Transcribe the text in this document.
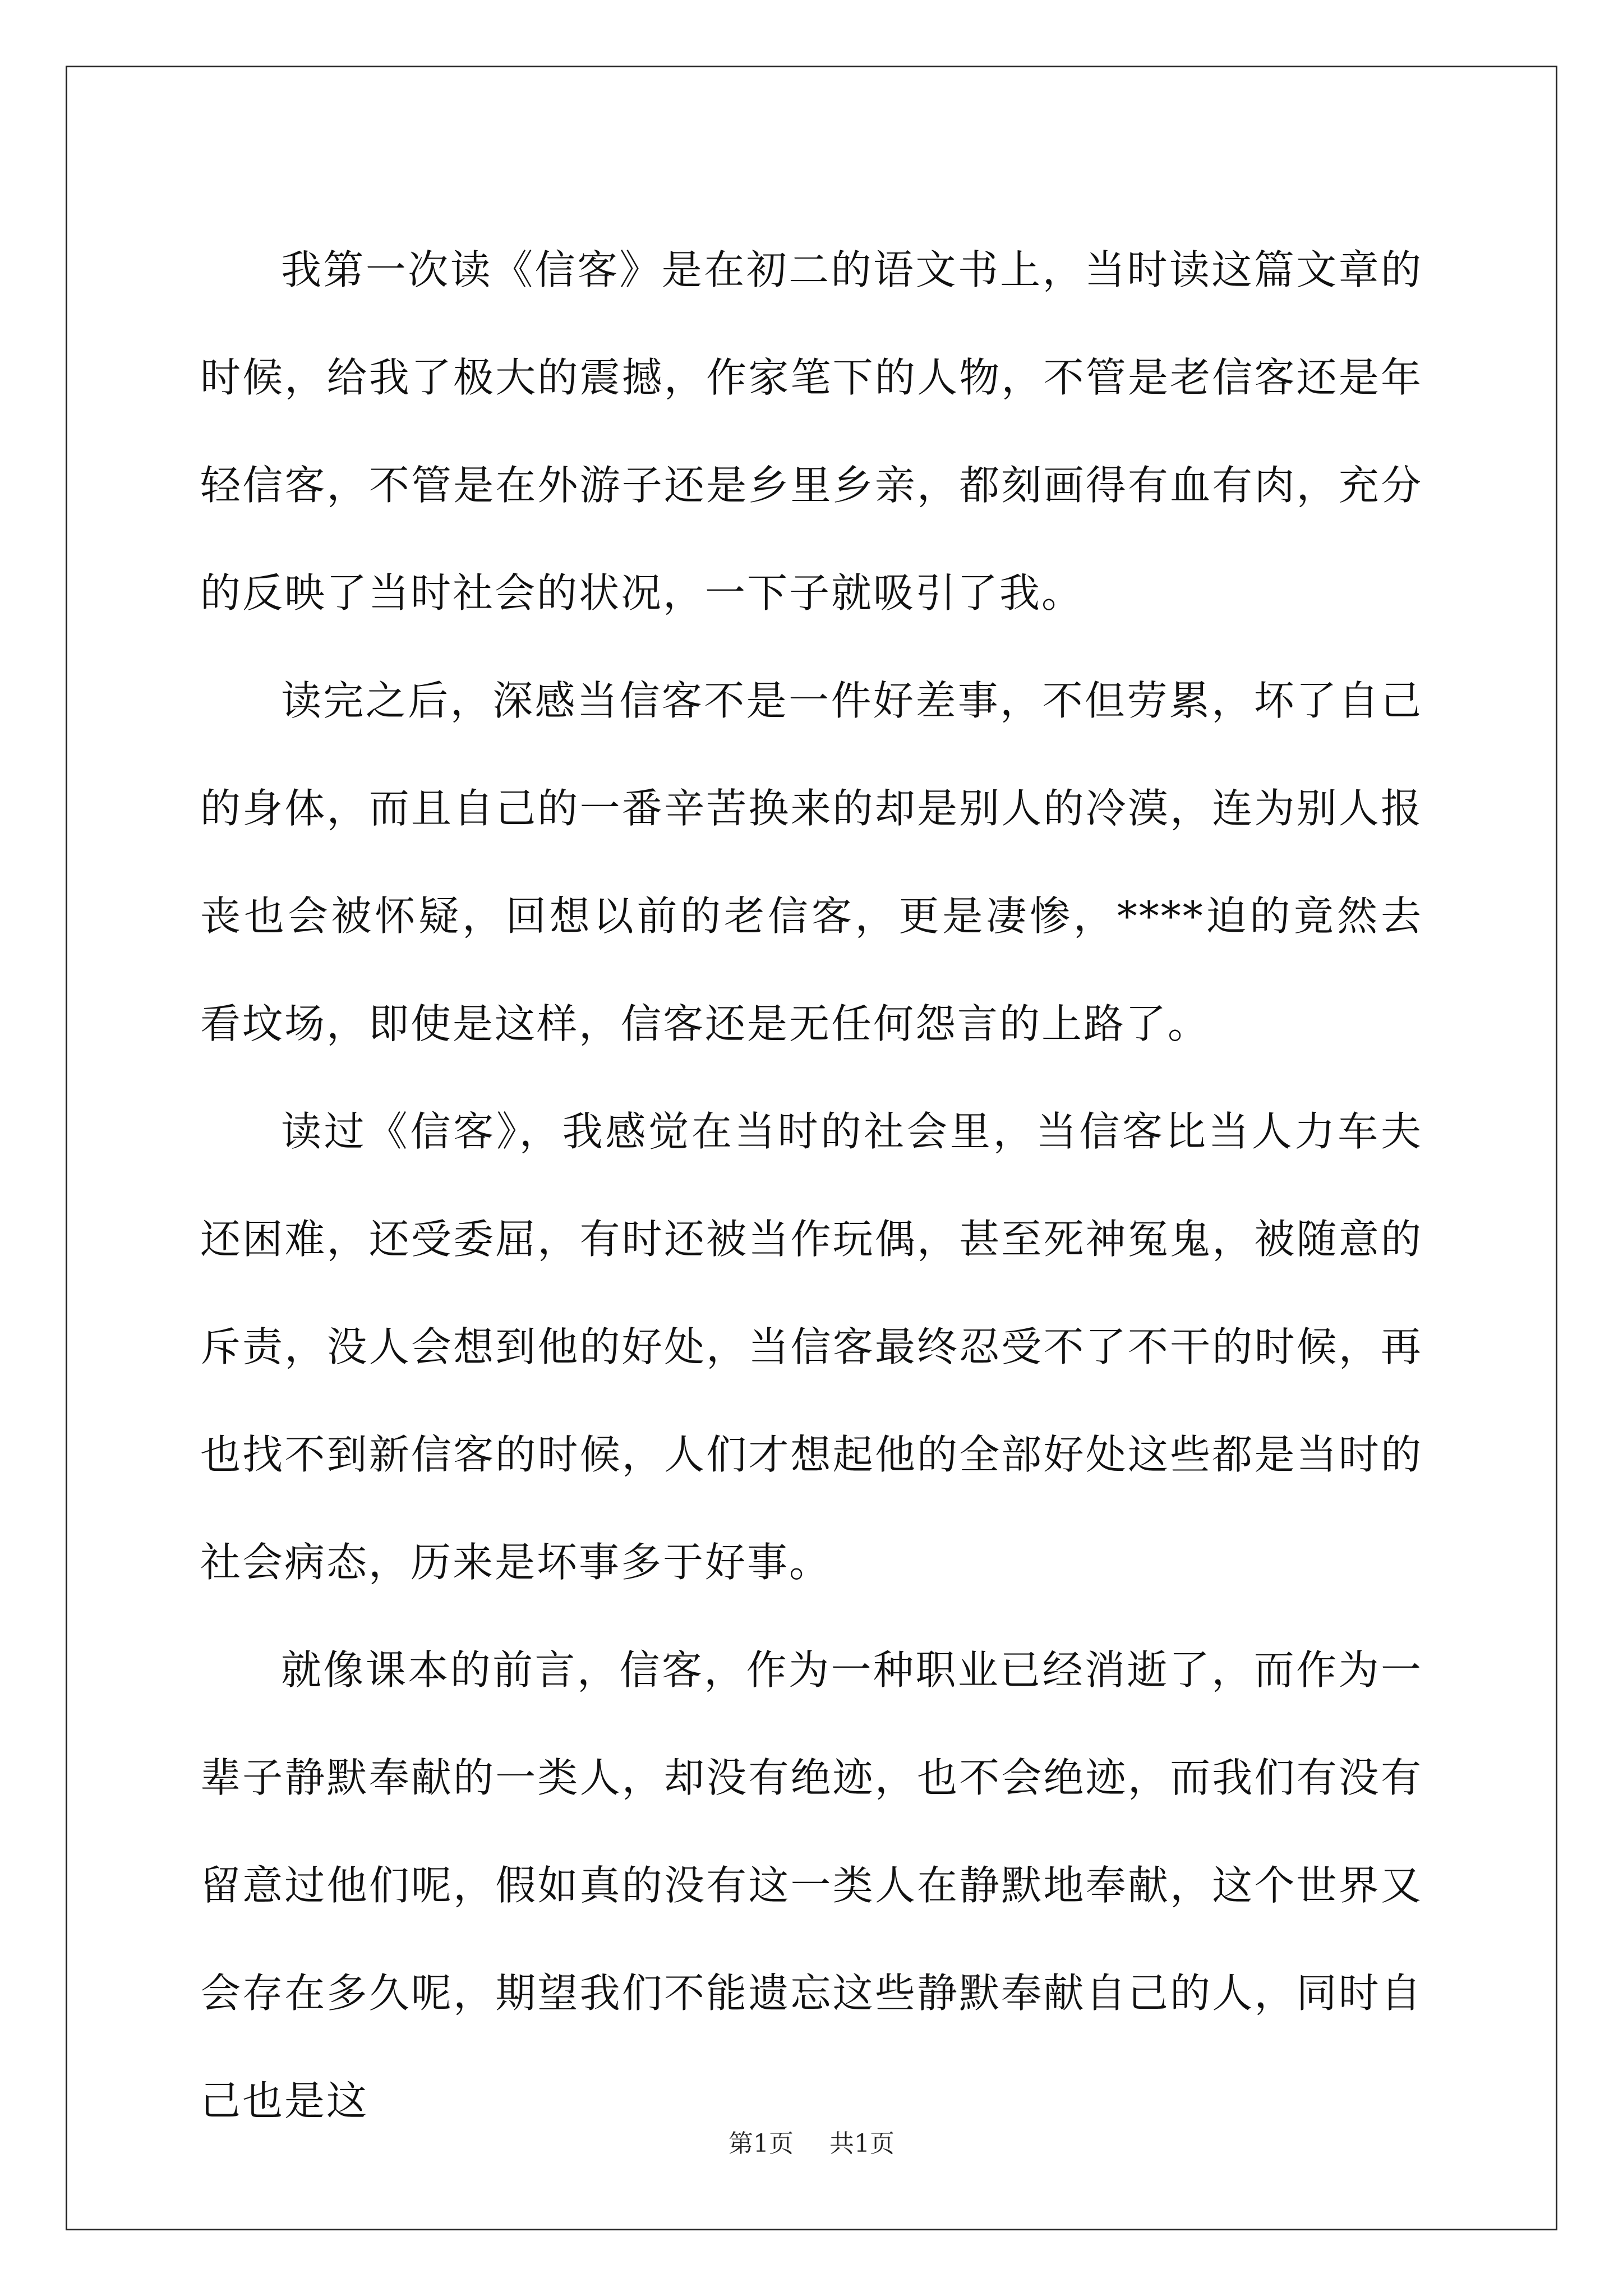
我第一次读《信客》是在初二的语文书上，当时读这篇文章的时候，给我了极大的震撼，作家笔下的人物，不管是老信客还是年轻信客，不管是在外游子还是乡里乡亲，都刻画得有血有肉，充分的反映了当时社会的状况，一下子就吸引了我。

读完之后，深感当信客不是一件好差事，不但劳累，坏了自己的身体，而且自己的一番辛苦换来的却是别人的冷漠，连为别人报丧也会被怀疑，回想以前的老信客，更是凄惨，****迫的竟然去看坟场，即使是这样，信客还是无任何怨言的上路了。

读过《信客》，我感觉在当时的社会里，当信客比当人力车夫还困难，还受委屈，有时还被当作玩偶，甚至死神冤鬼，被随意的斥责，没人会想到他的好处，当信客最终忍受不了不干的时候，再也找不到新信客的时候，人们才想起他的全部好处这些都是当时的社会病态，历来是坏事多于好事。

就像课本的前言，信客，作为一种职业已经消逝了，而作为一辈子静默奉献的一类人，却没有绝迹，也不会绝迹，而我们有没有留意过他们呢，假如真的没有这一类人在静默地奉献，这个世界又会存在多久呢，期望我们不能遗忘这些静默奉献自己的人，同时自己也是这

第1页 共1页
